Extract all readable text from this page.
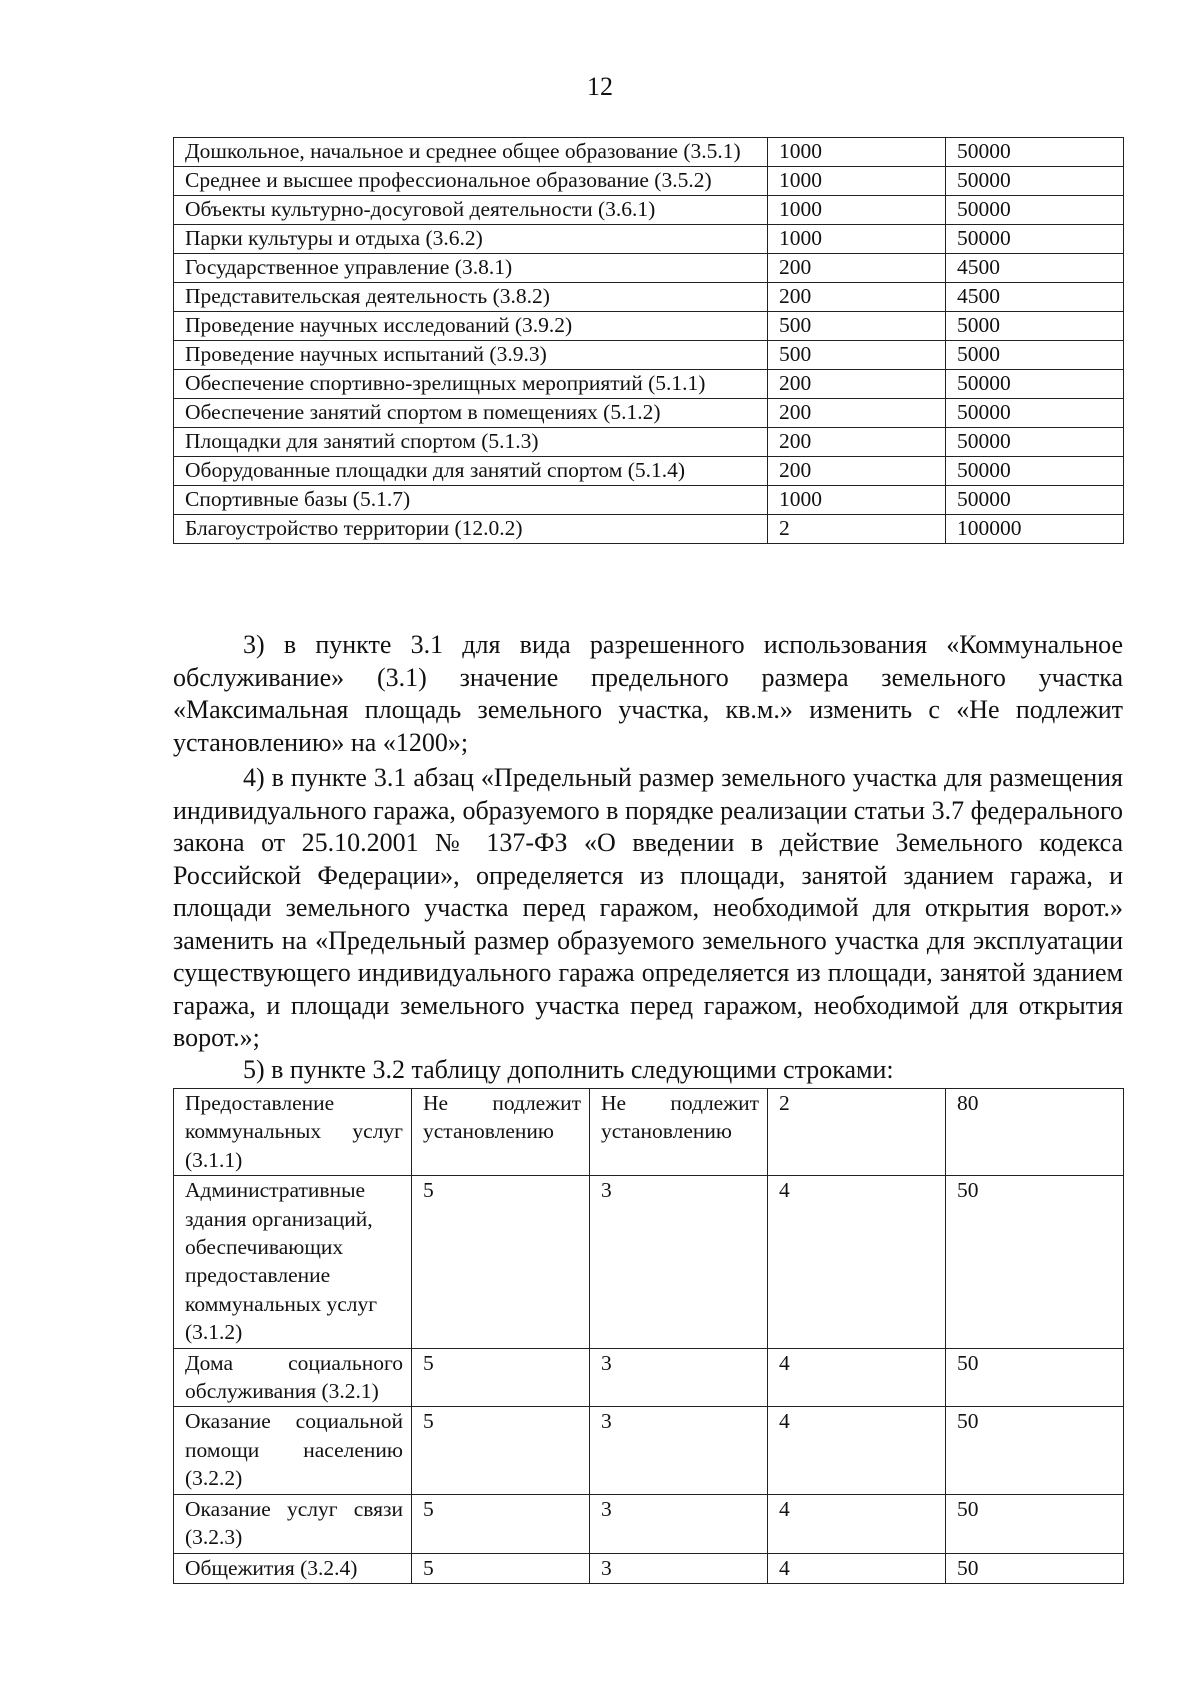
12
Дошкольное, начальное и среднее общее образование (3.5.1)	1000	50000
Среднее и высшее профессиональное образование (3.5.2)	1000	50000
Объекты культурно-досуговой деятельности (3.6.1)	1000	50000
Парки культуры и отдыха (3.6.2)	1000	50000
Государственное управление (3.8.1)	200	4500
Представительская деятельность (3.8.2)	200	4500
Проведение научных исследований (3.9.2)	500	5000
Проведение научных испытаний (3.9.3)	500	5000
Обеспечение спортивно-зрелищных мероприятий (5.1.1)	200	50000
Обеспечение занятий спортом в помещениях (5.1.2)	200	50000
Площадки для занятий спортом (5.1.3)	200	50000
Оборудованные площадки для занятий спортом (5.1.4)	200	50000
Спортивные базы (5.1.7)	1000	50000
Благоустройство территории (12.0.2)	2	100000

3) в пункте 3.1 для вида разрешенного использования «Коммунальное обслуживание» (3.1) значение предельного размера земельного участка «Максимальная площадь земельного участка, кв.м.» изменить с «Не подлежит установлению» на «1200»;

4) в пункте 3.1 абзац «Предельный размер земельного участка для размещения индивидуального гаража, образуемого в порядке реализации статьи 3.7 федерального закона от 25.10.2001 № 137-ФЗ «О введении в действие Земельного кодекса Российской Федерации», определяется из площади, занятой зданием гаража, и площади земельного участка перед гаражом, необходимой для открытия ворот.» заменить на «Предельный размер образуемого земельного участка для эксплуатации существующего индивидуального гаража определяется из площади, занятой зданием гаража, и площади земельного участка перед гаражом, необходимой для открытия ворот.»;

5) в пункте 3.2 таблицу дополнить следующими строками:

Предоставление коммунальных услуг (3.1.1)	Не подлежит установлению	Не подлежит установлению	2	80
Административные здания организаций, обеспечивающих предоставление коммунальных услуг (3.1.2)	5	3	4	50
Дома социального обслуживания (3.2.1)	5	3	4	50
Оказание социальной помощи населению (3.2.2)	5	3	4	50
Оказание услуг связи (3.2.3)	5	3	4	50
Общежития (3.2.4)	5	3	4	50
